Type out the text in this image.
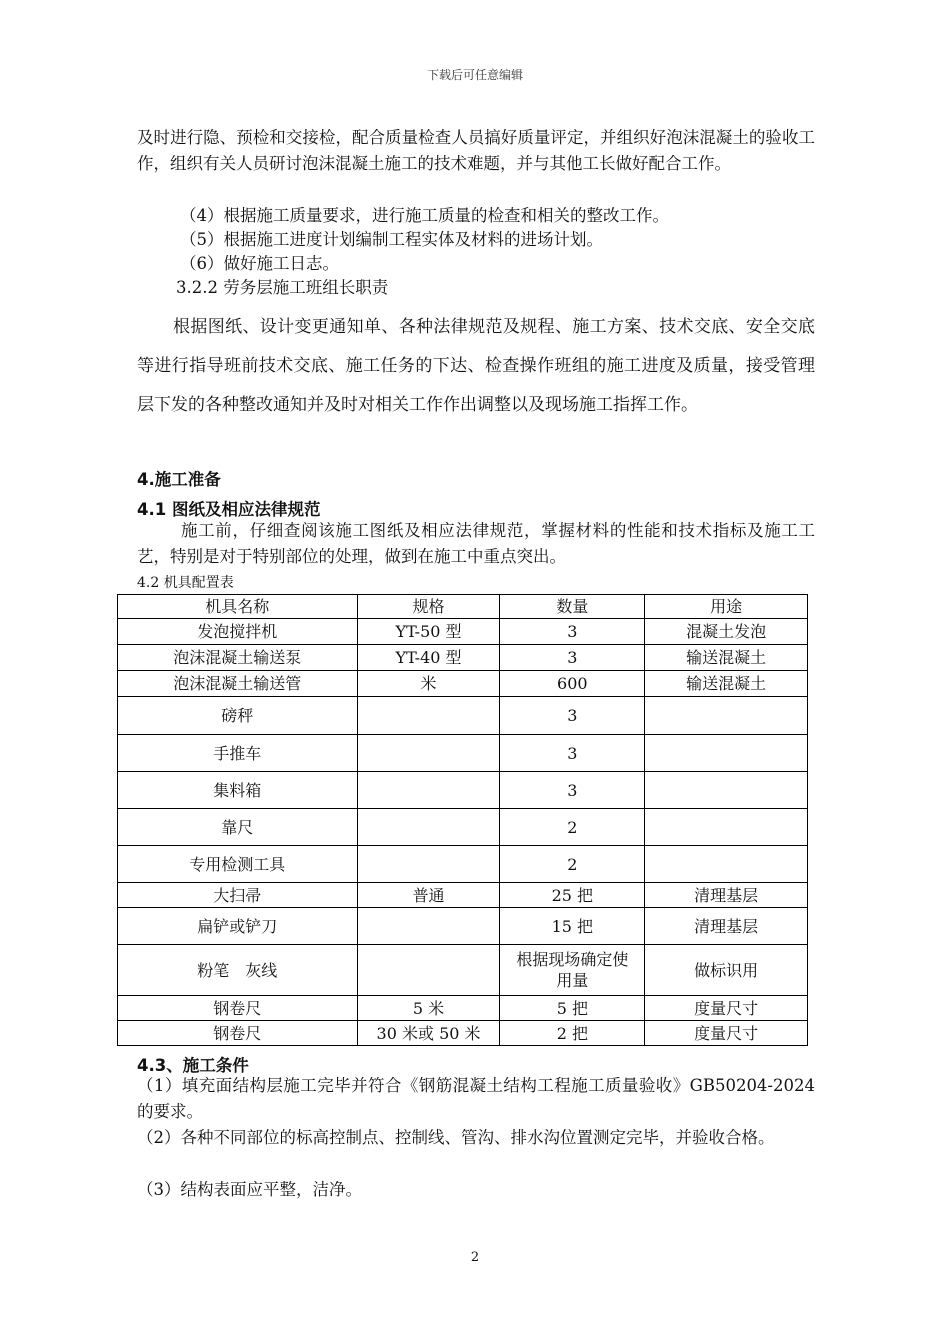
下载后可任意编辑
及时进行隐、预检和交接检，配合质量检查人员搞好质量评定，并组织好泡沫混凝土的验收工作，组织有关人员研讨泡沫混凝土施工的技术难题，并与其他工长做好配合工作。
（4）根据施工质量要求，进行施工质量的检查和相关的整改工作。
（5）根据施工进度计划编制工程实体及材料的进场计划。
（6）做好施工日志。
3.2.2 劳务层施工班组长职责
根据图纸、设计变更通知单、各种法律规范及规程、施工方案、技术交底、安全交底等进行指导班前技术交底、施工任务的下达、检查操作班组的施工进度及质量，接受管理层下发的各种整改通知并及时对相关工作作出调整以及现场施工指挥工作。
4.施工准备
4.1 图纸及相应法律规范
施工前，仔细查阅该施工图纸及相应法律规范，掌握材料的性能和技术指标及施工工艺，特别是对于特别部位的处理，做到在施工中重点突出。
4.2 机具配置表
机具名称	规格	数量	用途
发泡搅拌机	YT-50 型	3	混凝土发泡
泡沫混凝土输送泵	YT-40 型	3	输送混凝土
泡沫混凝土输送管	米	600	输送混凝土
磅秤		3	
手推车		3	
集料箱		3	
靠尺		2	
专用检测工具		2	
大扫帚	普通	25 把	清理基层
扁铲或铲刀		15 把	清理基层
粉笔　灰线		根据现场确定使用量	做标识用
钢卷尺	5 米	5 把	度量尺寸
钢卷尺	30 米或 50 米	2 把	度量尺寸
4.3、施工条件
（1）填充面结构层施工完毕并符合《钢筋混凝土结构工程施工质量验收》GB50204-2024 的要求。
（2）各种不同部位的标高控制点、控制线、管沟、排水沟位置测定完毕，并验收合格。
（3）结构表面应平整，洁净。
2
